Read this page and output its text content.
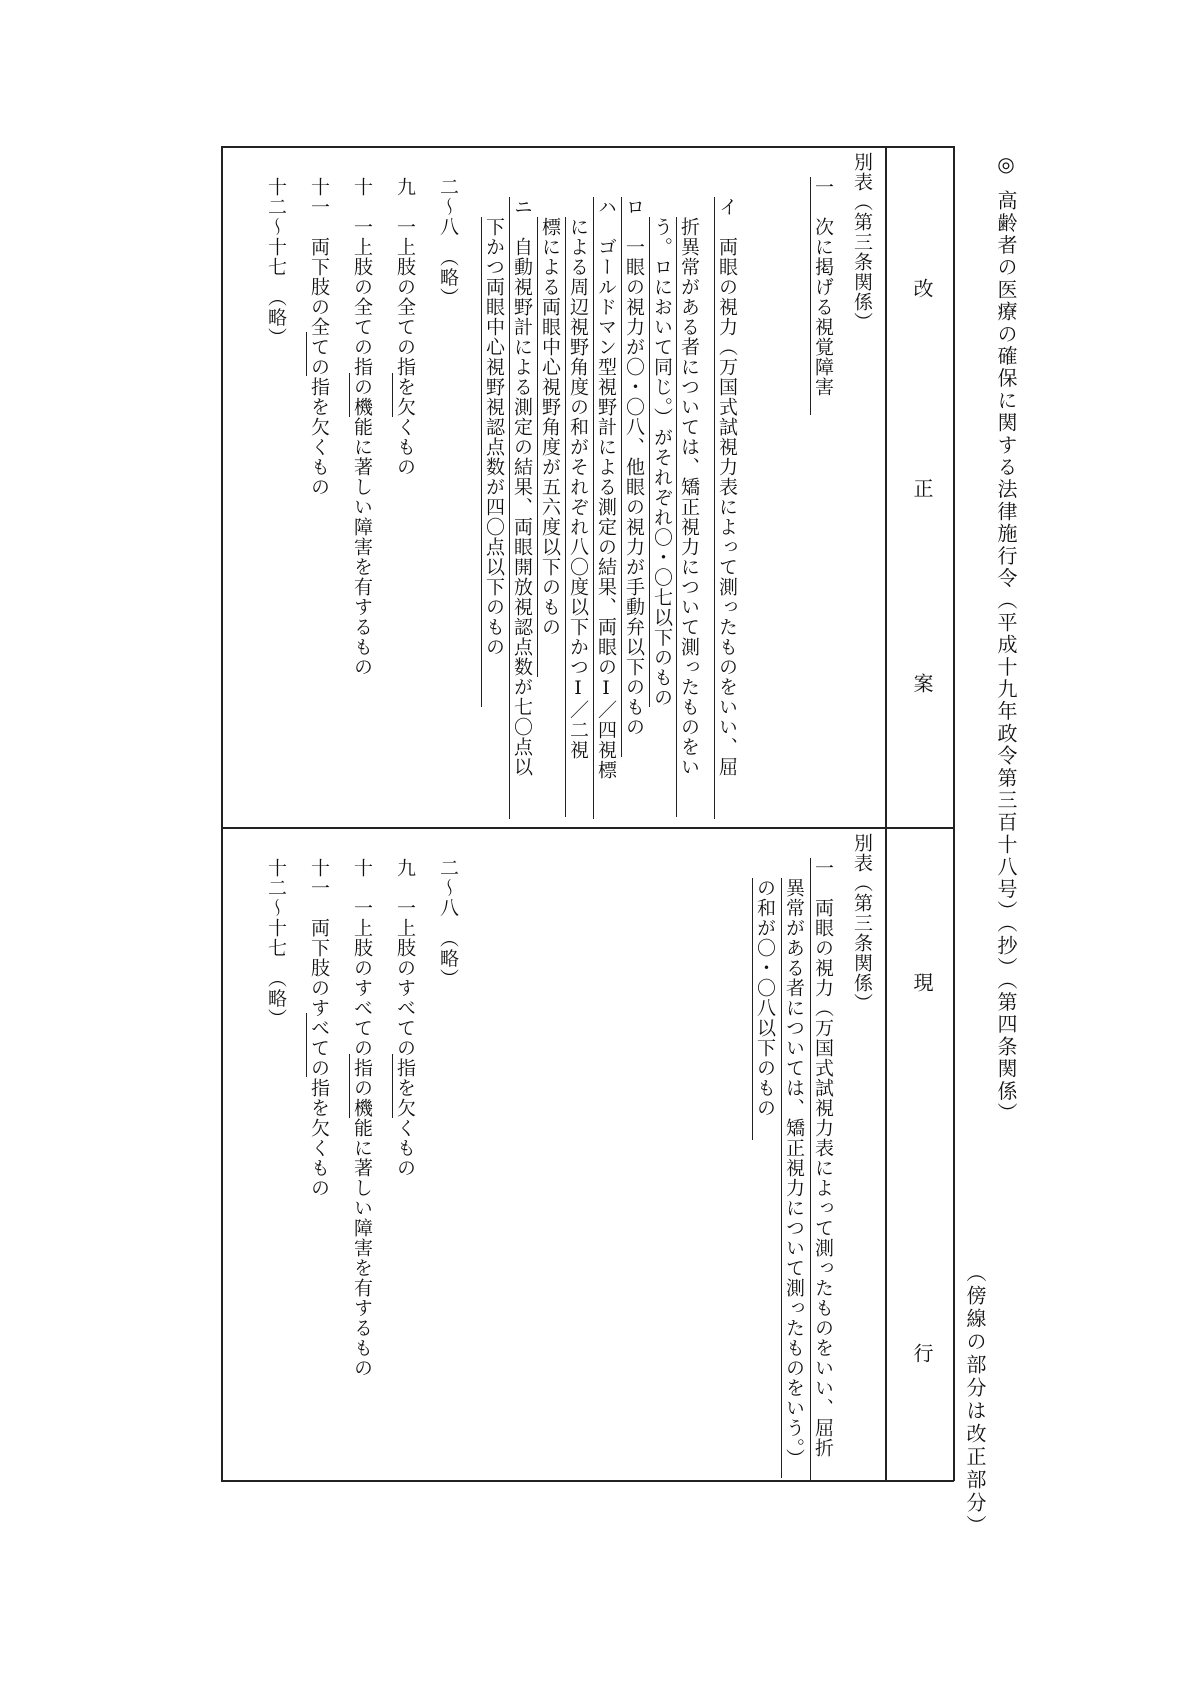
◎
高齢者の医療の確保に関する法律施行令（平成十九年政令第三百十八号）（抄）（第四条関係）
（傍線の部分は改正部分）
改
正
案
現
行
別表（第三条関係）
一　次に掲げる視覚障害
イ　両眼の視力（万国式試視力表によって測ったものをいい、屈
折異常がある者については、矯正視力について測ったものをい
う。ロにおいて同じ。）がそれぞれ〇・〇七以下のもの
ロ　一眼の視力が〇・〇八、他眼の視力が手動弁以下のもの
ハ　ゴールドマン型視野計による測定の結果、両眼のⅠ／四視標
による周辺視野角度の和がそれぞれ八〇度以下かつⅠ／二視
標による両眼中心視野角度が五六度以下のもの
ニ　自動視野計による測定の結果、両眼開放視認点数が七〇点以
下かつ両眼中心視野視認点数が四〇点以下のもの
二～八　（略）
九　一上肢の全ての指を欠くもの
十　一上肢の全ての指の機能に著しい障害を有するもの
十一　両下肢の全ての指を欠くもの
十二～十七　（略）
別表（第三条関係）
一　両眼の視力（万国式試視力表によって測ったものをいい、屈折
異常がある者については、矯正視力について測ったものをいう。）
の和が〇・〇八以下のもの
二～八　（略）
九　一上肢のすべての指を欠くもの
十　一上肢のすべての指の機能に著しい障害を有するもの
十一　両下肢のすべての指を欠くもの
十二～十七　（略）
